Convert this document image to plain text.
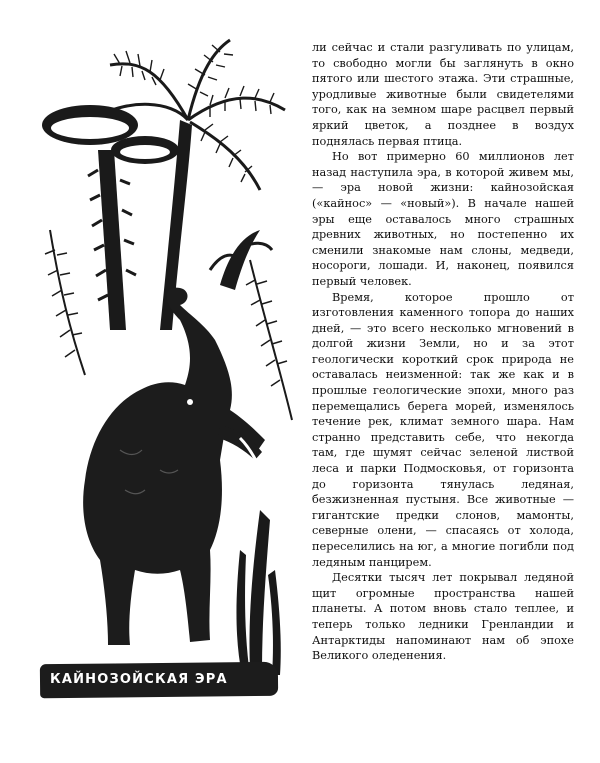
КАЙНОЗОЙСКАЯ ЭРА

ли сейчас и стали разгуливать по улицам, то свободно могли бы заглянуть в окно пятого или шестого этажа. Эти страшные, уродливые животные были свидетелями того, как на земном шаре расцвел первый яркий цветок, а позднее в воздух поднялась первая птица.

Но вот примерно 60 миллионов лет назад наступила эра, в которой живем мы, — эра новой жизни: кайнозойская («кайнос» — «новый»). В начале нашей эры еще оставалось много страшных древних животных, но постепенно их сменили знакомые нам слоны, медведи, носороги, лошади. И, наконец, появился первый человек.

Время, которое прошло от изготовления каменного топора до наших дней, — это всего несколько мгновений в долгой жизни Земли, но и за этот геологически короткий срок природа не оставалась неизменной: так же как и в прошлые геологические эпохи, много раз перемещались берега морей, изменялось течение рек, климат земного шара. Нам странно представить себе, что некогда там, где шумят сейчас зеленой листвой леса и парки Подмосковья, от горизонта до горизонта тянулась ледяная, безжизненная пустыня. Все животные — гигантские предки слонов, мамонты, северные олени, — спасаясь от холода, переселились на юг, а многие погибли под ледяным панцирем.

Десятки тысяч лет покрывал ледяной щит огромные пространства нашей планеты. А потом вновь стало теплее, и теперь только ледники Гренландии и Антарктиды напоминают нам об эпохе Великого оледенения.
